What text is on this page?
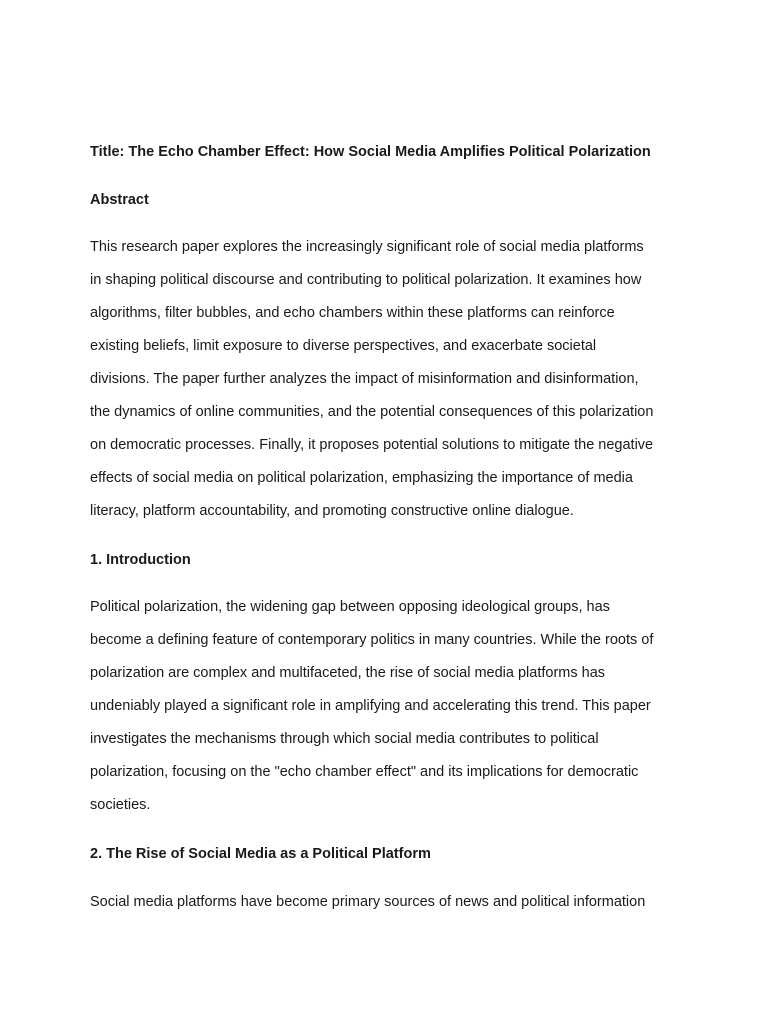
Title: The Echo Chamber Effect: How Social Media Amplifies Political Polarization

Abstract

This research paper explores the increasingly significant role of social media platforms
in shaping political discourse and contributing to political polarization. It examines how
algorithms, filter bubbles, and echo chambers within these platforms can reinforce
existing beliefs, limit exposure to diverse perspectives, and exacerbate societal
divisions. The paper further analyzes the impact of misinformation and disinformation,
the dynamics of online communities, and the potential consequences of this polarization
on democratic processes. Finally, it proposes potential solutions to mitigate the negative
effects of social media on political polarization, emphasizing the importance of media
literacy, platform accountability, and promoting constructive online dialogue.

1. Introduction

Political polarization, the widening gap between opposing ideological groups, has
become a defining feature of contemporary politics in many countries. While the roots of
polarization are complex and multifaceted, the rise of social media platforms has
undeniably played a significant role in amplifying and accelerating this trend. This paper
investigates the mechanisms through which social media contributes to political
polarization, focusing on the "echo chamber effect" and its implications for democratic
societies.

2. The Rise of Social Media as a Political Platform

Social media platforms have become primary sources of news and political information
